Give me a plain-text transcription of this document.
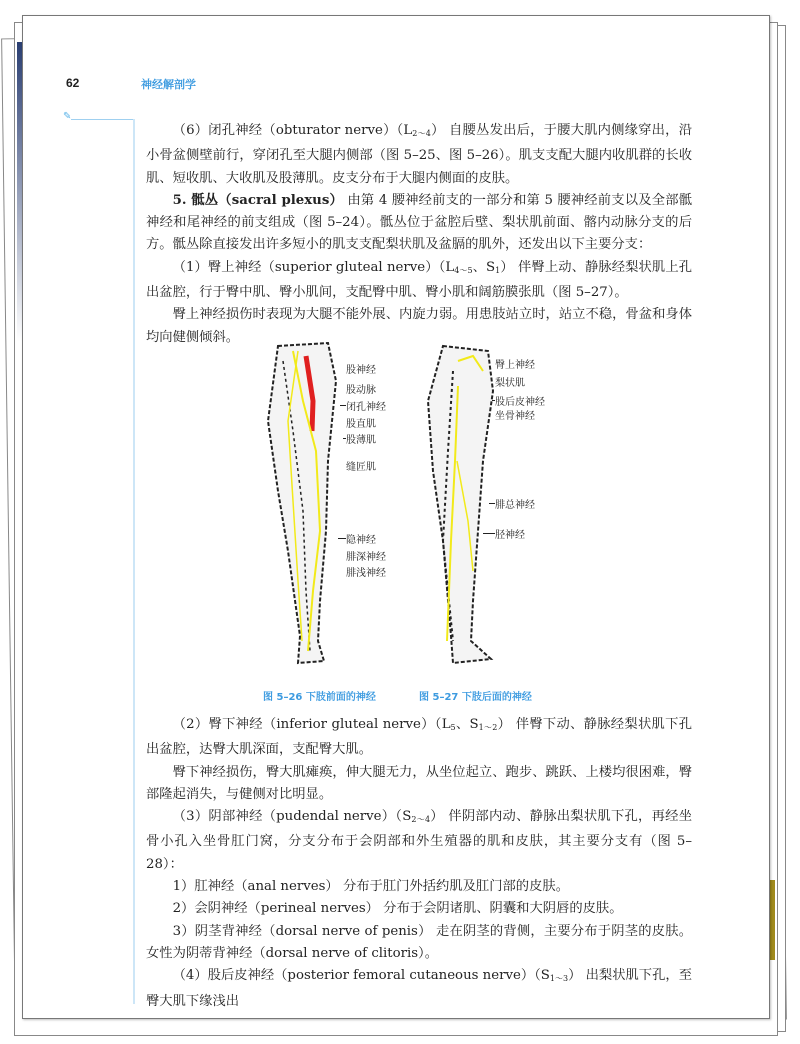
62	神经解剖学
✎

（6）闭孔神经（obturator $nerve)(L_{2\sim 4})$ 自腰丛发出后，于腰大肌内侧缘穿出，沿小骨盆侧壁前行，穿闭孔至大腿内侧部（图 5–25、图 5–26）。肌支支配大腿内收肌群的长收肌、短收肌、大收肌及股薄肌。皮支分布于大腿内侧面的皮肤。

5. 骶丛（sacral plexus） 由第 4 腰神经前支的一部分和第 5 腰神经前支以及全部骶神经和尾神经的前支组成（图 5–24）。骶丛位于盆腔后壁、梨状肌前面、髂内动脉分支的后方。骶丛除直接发出许多短小的肌支支配梨状肌及盆膈的肌外，还发出以下主要分支：

（1）臀上神经（superior gluteal $nerve)(L_{4\sim 5}$、$S_1$） 伴臀上动、静脉经梨状肌上孔出盆腔，行于臀中肌、臀小肌间，支配臀中肌、臀小肌和阔筋膜张肌（图 5–27）。

臀上神经损伤时表现为大腿不能外展、内旋力弱。用患肢站立时，站立不稳，骨盆和身体均向健侧倾斜。

股神经
股动脉
闭孔神经
股直肌
股薄肌
缝匠肌
隐神经
腓深神经
腓浅神经
图 5–26 下肢前面的神经
臀上神经
梨状肌
股后皮神经
坐骨神经
腓总神经
胫神经
图 5–27 下肢后面的神经

（2）臀下神经（inferior gluteal $nerve)(L_5$、$S_{1\sim 2}$） 伴臀下动、静脉经梨状肌下孔出盆腔，达臀大肌深面，支配臀大肌。

臀下神经损伤，臀大肌瘫痪，伸大腿无力，从坐位起立、跑步、跳跃、上楼均很困难，臀部隆起消失，与健侧对比明显。

（3）阴部神经（pudendal $nerve)(S_{2\sim 4})$ 伴阴部内动、静脉出梨状肌下孔，再经坐骨小孔入坐骨肛门窝，分支分布于会阴部和外生殖器的肌和皮肤，其主要分支有（图 5–28）：

1）肛神经（anal nerves） 分布于肛门外括约肌及肛门部的皮肤。

2）会阴神经（perineal nerves） 分布于会阴诸肌、阴囊和大阴唇的皮肤。

3）阴茎背神经（dorsal nerve of penis） 走在阴茎的背侧，主要分布于阴茎的皮肤。女性为阴蒂背神经（dorsal nerve of clitoris）。

（4）股后皮神经（posterior femoral cutaneous $nerve)(S_{1\sim 3})$ 出梨状肌下孔，至臀大肌下缘浅出
